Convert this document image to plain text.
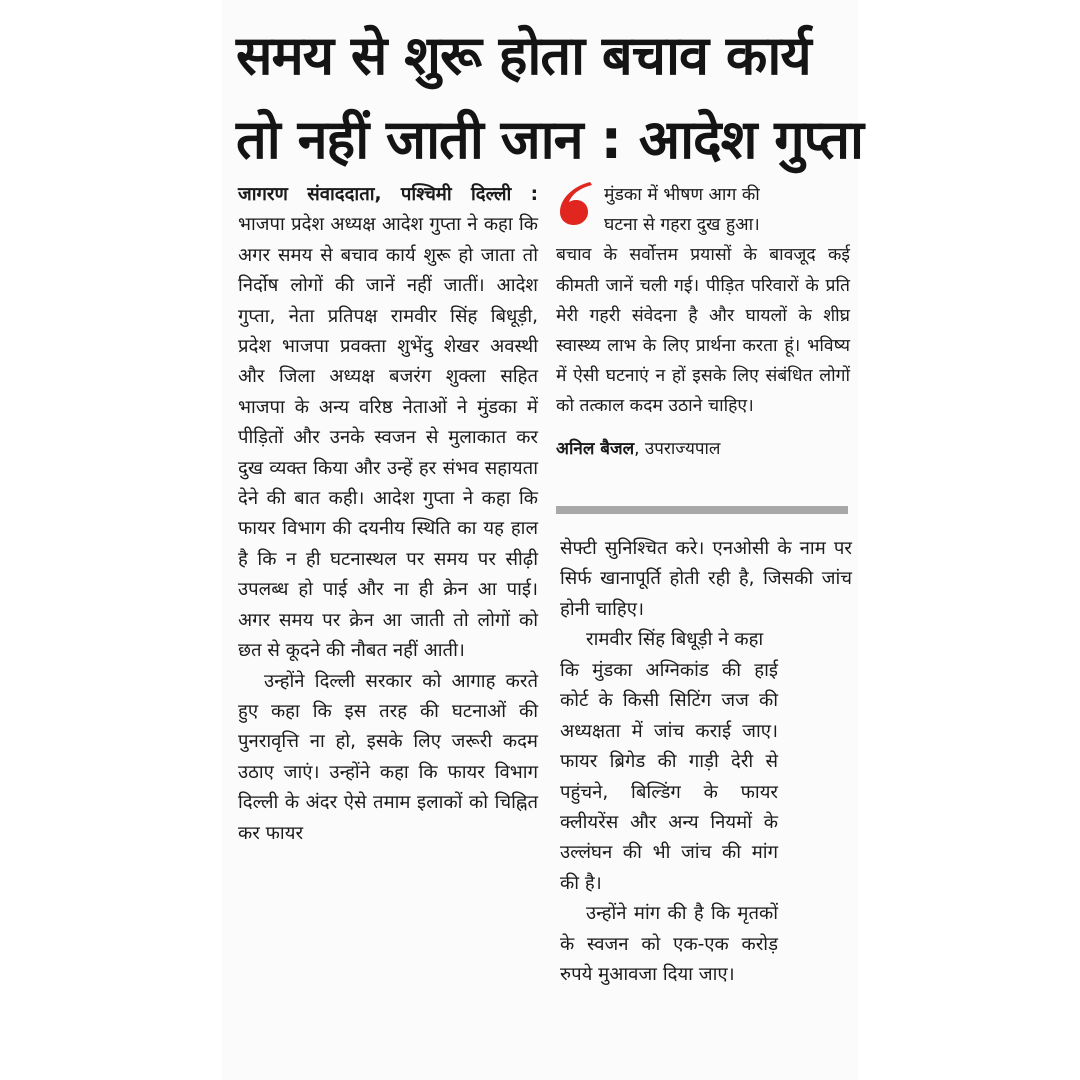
समय से शुरू होता बचाव कार्य
तो नहीं जाती जान : आदेश गुप्ता

जागरण संवाददाता, पश्चिमी दिल्ली : भाजपा प्रदेश अध्यक्ष आदेश गुप्ता ने कहा कि अगर समय से बचाव कार्य शुरू हो जाता तो निर्दोष लोगों की जानें नहीं जातीं। आदेश गुप्ता, नेता प्रतिपक्ष रामवीर सिंह बिधूड़ी, प्रदेश भाजपा प्रवक्ता शुभेंदु शेखर अवस्थी और जिला अध्यक्ष बजरंग शुक्ला सहित भाजपा के अन्य वरिष्ठ नेताओं ने मुंडका में पीड़ितों और उनके स्वजन से मुलाकात कर दुख व्यक्त किया और उन्हें हर संभव सहायता देने की बात कही। आदेश गुप्ता ने कहा कि फायर विभाग की दयनीय स्थिति का यह हाल है कि न ही घटनास्थल पर समय पर सीढ़ी उपलब्ध हो पाई और ना ही क्रेन आ पाई। अगर समय पर क्रेन आ जाती तो लोगों को छत से कूदने की नौबत नहीं आती।

उन्होंने दिल्ली सरकार को आगाह करते हुए कहा कि इस तरह की घटनाओं की पुनरावृत्ति ना हो, इसके लिए जरूरी कदम उठाए जाएं। उन्होंने कहा कि फायर विभाग दिल्ली के अंदर ऐसे तमाम इलाकों को चिह्नित कर फायर

मुंडका में भीषण आग की
घटना से गहरा दुख हुआ।
बचाव के सर्वोत्तम प्रयासों के बावजूद कई कीमती जानें चली गई। पीड़ित परिवारों के प्रति मेरी गहरी संवेदना है और घायलों के शीघ्र स्वास्थ्य लाभ के लिए प्रार्थना करता हूं। भविष्य में ऐसी घटनाएं न हों इसके लिए संबंधित लोगों को तत्काल कदम उठाने चाहिए।

अनिल बैजल, उपराज्यपाल

सेफ्टी सुनिश्चित करे। एनओसी के नाम पर सिर्फ खानापूर्ति होती रही है, जिसकी जांच होनी चाहिए।

रामवीर सिंह बिधूड़ी ने कहा

कि मुंडका अग्निकांड की हाई कोर्ट के किसी सिटिंग जज की अध्यक्षता में जांच कराई जाए। फायर ब्रिगेड की गाड़ी देरी से पहुंचने, बिल्डिंग के फायर क्लीयरेंस और अन्य नियमों के उल्लंघन की भी जांच की मांग की है।

उन्होंने मांग की है कि मृतकों के स्वजन को एक-एक करोड़ रुपये मुआवजा दिया जाए।
